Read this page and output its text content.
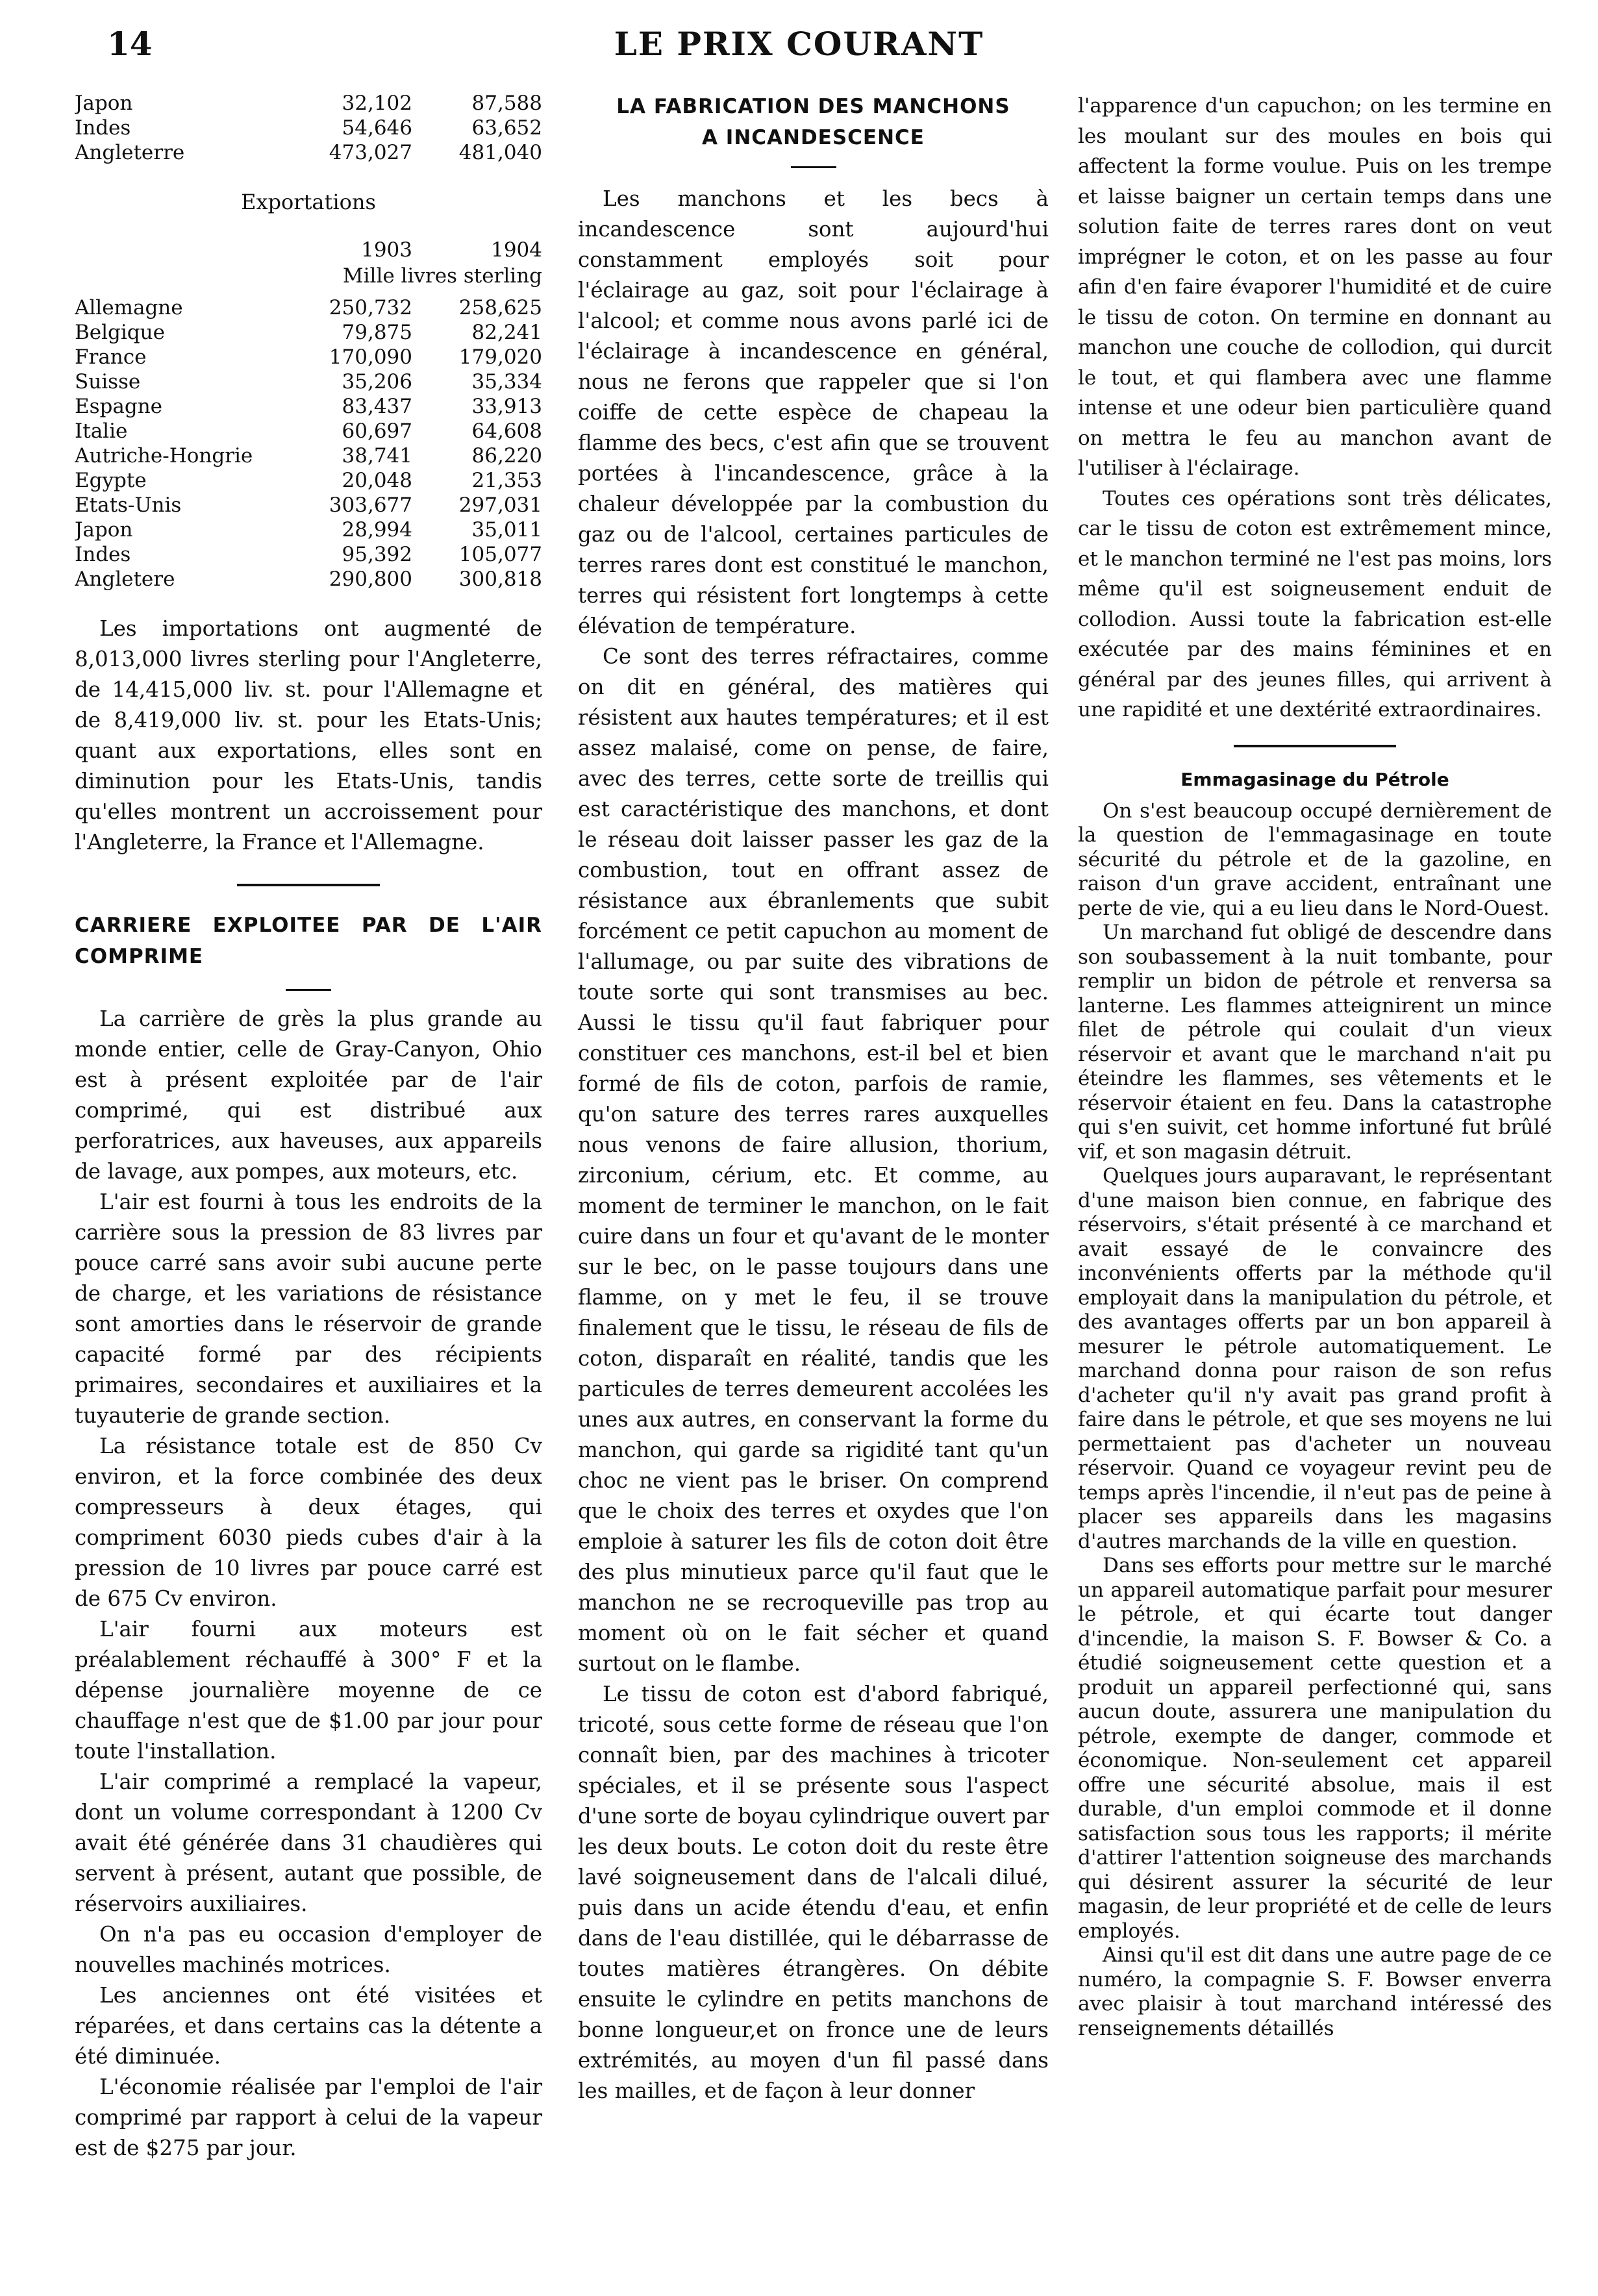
14	LE PRIX COURANT
Japon	32,102	87,588
Indes	54,646	63,652
Angleterre	473,027	481,040
Exportations
1903	1904
Mille livres sterling
Allemagne	250,732	258,625
Belgique	79,875	82,241
France	170,090	179,020
Suisse	35,206	35,334
Espagne	83,437	33,913
Italie	60,697	64,608
Autriche-Hongrie	38,741	86,220
Egypte	20,048	21,353
Etats-Unis	303,677	297,031
Japon	28,994	35,011
Indes	95,392	105,077
Angletere	290,800	300,818

Les importations ont augmenté de 8,013,000 livres sterling pour l'Angleterre, de 14,415,000 liv. st. pour l'Allemagne et de 8,419,000 liv. st. pour les Etats-Unis; quant aux exportations, elles sont en diminution pour les Etats-Unis, tandis qu'elles montrent un accroissement pour l'Angleterre, la France et l'Allemagne.

CARRIERE EXPLOITEE PAR DE L'AIR COMPRIME

La carrière de grès la plus grande au monde entier, celle de Gray-Canyon, Ohio est à présent exploitée par de l'air comprimé, qui est distribué aux perforatrices, aux haveuses, aux appareils de lavage, aux pompes, aux moteurs, etc.

L'air est fourni à tous les endroits de la carrière sous la pression de 83 livres par pouce carré sans avoir subi aucune perte de charge, et les variations de résistance sont amorties dans le réservoir de grande capacité formé par des récipients primaires, secondaires et auxiliaires et la tuyauterie de grande section.

La résistance totale est de 850 Cv environ, et la force combinée des deux compresseurs à deux étages, qui compriment 6030 pieds cubes d'air à la pression de 10 livres par pouce carré est de 675 Cv environ.

L'air fourni aux moteurs est préalablement réchauffé à 300° F et la dépense journalière moyenne de ce chauffage n'est que de $1.00 par jour pour toute l'installation.

L'air comprimé a remplacé la vapeur, dont un volume correspondant à 1200 Cv avait été générée dans 31 chaudières qui servent à présent, autant que possible, de réservoirs auxiliaires.

On n'a pas eu occasion d'employer de nouvelles machinés motrices.

Les anciennes ont été visitées et réparées, et dans certains cas la détente a été diminuée.

L'économie réalisée par l'emploi de l'air comprimé par rapport à celui de la vapeur est de $275 par jour.

LA FABRICATION DES MANCHONS
A INCANDESCENCE

Les manchons et les becs à incandescence sont aujourd'hui constamment employés soit pour l'éclairage au gaz, soit pour l'éclairage à l'alcool; et comme nous avons parlé ici de l'éclairage à incandescence en général, nous ne ferons que rappeler que si l'on coiffe de cette espèce de chapeau la flamme des becs, c'est afin que se trouvent portées à l'incandescence, grâce à la chaleur développée par la combustion du gaz ou de l'alcool, certaines particules de terres rares dont est constitué le manchon, terres qui résistent fort longtemps à cette élévation de température.

Ce sont des terres réfractaires, comme on dit en général, des matières qui résistent aux hautes températures; et il est assez malaisé, come on pense, de faire, avec des terres, cette sorte de treillis qui est caractéristique des manchons, et dont le réseau doit laisser passer les gaz de la combustion, tout en offrant assez de résistance aux ébranlements que subit forcément ce petit capuchon au moment de l'allumage, ou par suite des vibrations de toute sorte qui sont transmises au bec. Aussi le tissu qu'il faut fabriquer pour constituer ces manchons, est-il bel et bien formé de fils de coton, parfois de ramie, qu'on sature des terres rares auxquelles nous venons de faire allusion, thorium, zirconium, cérium, etc. Et comme, au moment de terminer le manchon, on le fait cuire dans un four et qu'avant de le monter sur le bec, on le passe toujours dans une flamme, on y met le feu, il se trouve finalement que le tissu, le réseau de fils de coton, disparaît en réalité, tandis que les particules de terres demeurent accolées les unes aux autres, en conservant la forme du manchon, qui garde sa rigidité tant qu'un choc ne vient pas le briser. On comprend que le choix des terres et oxydes que l'on emploie à saturer les fils de coton doit être des plus minutieux parce qu'il faut que le manchon ne se recroqueville pas trop au moment où on le fait sécher et quand surtout on le flambe.

Le tissu de coton est d'abord fabriqué, tricoté, sous cette forme de réseau que l'on connaît bien, par des machines à tricoter spéciales, et il se présente sous l'aspect d'une sorte de boyau cylindrique ouvert par les deux bouts. Le coton doit du reste être lavé soigneusement dans de l'alcali dilué, puis dans un acide étendu d'eau, et enfin dans de l'eau distillée, qui le débarrasse de toutes matières étrangères. On débite ensuite le cylindre en petits manchons de bonne longueur,et on fronce une de leurs extrémités, au moyen d'un fil passé dans les mailles, et de façon à leur donner

l'apparence d'un capuchon; on les termine en les moulant sur des moules en bois qui affectent la forme voulue. Puis on les trempe et laisse baigner un certain temps dans une solution faite de terres rares dont on veut imprégner le coton, et on les passe au four afin d'en faire évaporer l'humidité et de cuire le tissu de coton. On termine en donnant au manchon une couche de collodion, qui durcit le tout, et qui flambera avec une flamme intense et une odeur bien particulière quand on mettra le feu au manchon avant de l'utiliser à l'éclairage.

Toutes ces opérations sont très délicates, car le tissu de coton est extrêmement mince, et le manchon terminé ne l'est pas moins, lors même qu'il est soigneusement enduit de collodion. Aussi toute la fabrication est-elle exécutée par des mains féminines et en général par des jeunes filles, qui arrivent à une rapidité et une dextérité extraordinaires.

Emmagasinage du Pétrole

On s'est beaucoup occupé dernièrement de la question de l'emmagasinage en toute sécurité du pétrole et de la gazoline, en raison d'un grave accident, entraînant une perte de vie, qui a eu lieu dans le Nord-Ouest.

Un marchand fut obligé de descendre dans son soubassement à la nuit tombante, pour remplir un bidon de pétrole et renversa sa lanterne. Les flammes atteignirent un mince filet de pétrole qui coulait d'un vieux réservoir et avant que le marchand n'ait pu éteindre les flammes, ses vêtements et le réservoir étaient en feu. Dans la catastrophe qui s'en suivit, cet homme infortuné fut brûlé vif, et son magasin détruit.

Quelques jours auparavant, le représentant d'une maison bien connue, en fabrique des réservoirs, s'était présenté à ce marchand et avait essayé de le convaincre des inconvénients offerts par la méthode qu'il employait dans la manipulation du pétrole, et des avantages offerts par un bon appareil à mesurer le pétrole automatiquement. Le marchand donna pour raison de son refus d'acheter qu'il n'y avait pas grand profit à faire dans le pétrole, et que ses moyens ne lui permettaient pas d'acheter un nouveau réservoir. Quand ce voyageur revint peu de temps après l'incendie, il n'eut pas de peine à placer ses appareils dans les magasins d'autres marchands de la ville en question.

Dans ses efforts pour mettre sur le marché un appareil automatique parfait pour mesurer le pétrole, et qui écarte tout danger d'incendie, la maison S. F. Bowser & Co. a étudié soigneusement cette question et a produit un appareil perfectionné qui, sans aucun doute, assurera une manipulation du pétrole, exempte de danger, commode et économique. Non-seulement cet appareil offre une sécurité absolue, mais il est durable, d'un emploi commode et il donne satisfaction sous tous les rapports; il mérite d'attirer l'attention soigneuse des marchands qui désirent assurer la sécurité de leur magasin, de leur propriété et de celle de leurs employés.

Ainsi qu'il est dit dans une autre page de ce numéro, la compagnie S. F. Bowser enverra avec plaisir à tout marchand intéressé des renseignements détaillés
